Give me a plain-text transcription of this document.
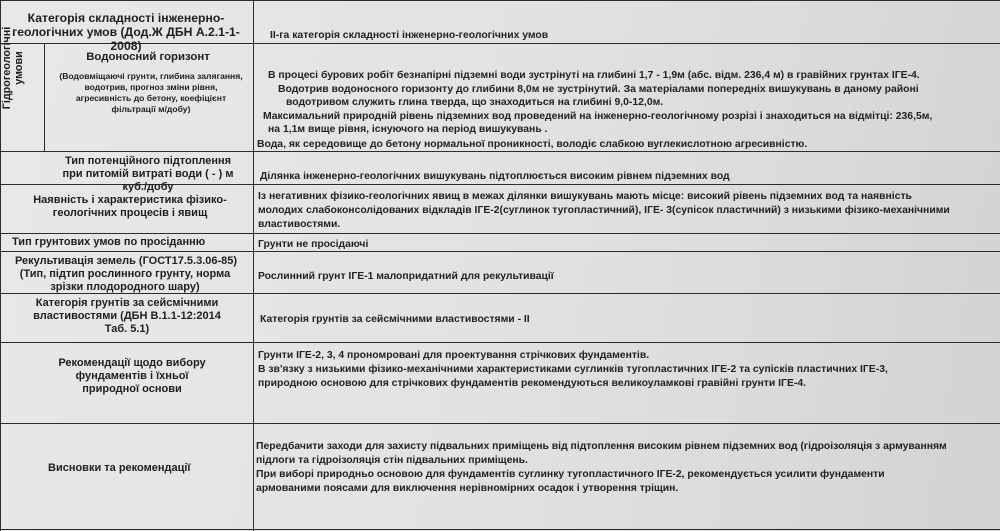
Категорія складності інженерно-геологічних умов (Дод.Ж ДБН А.2.1-1-2008)
II-га категорія складності інженерно-геологічних умов
Гідрогеологічні умови	Водоносний горизонт
(Водовміщаючі грунти, глибина залягання, водотрив, прогноз зміни рівня, агресивність до бетону, коефіцієнт фільтрації м/добу)
В процесі бурових робіт безнапірні підземні води зустрінуті на глибині 1,7 - 1,9м (абс. відм. 236,4 м) в гравійних грунтах ІГЕ-4.
Водотрив водоносного горизонту до глибини 8,0м не зустрінутий. За матеріалами попередніх вишукувань в даному районі
водотривом служить глина тверда, що знаходиться на глибині 9,0-12,0м.
Максимальний природній рівень підземних вод проведений на інженерно-геологічному розрізі і знаходиться на відмітці: 236,5м,
на 1,1м вище рівня, існуючого на період вишукувань .
Вода, як середовище до бетону нормальної проникності, володіє слабкою вуглекислотною агресивністю.
Тип потенційного підтоплення при питомій витраті води ( - ) м куб./добу
Ділянка інженерно-геологічних вишукувань підтоплюється високим рівнем підземних вод
Наявність і характеристика фізико-геологічних процесів і явищ
Із негативних фізико-геологічних явищ в межах ділянки вишукувань мають місце: високий рівень підземних вод та наявність
молодих слабоконсолідованих відкладів ІГЕ-2(суглинок тугопластичний), ІГЕ- 3(супісок пластичний) з низькими фізико-механічними
властивостями.
Тип грунтових умов по просіданню	Грунти не просідаючі
Рекультивація земель (ГОСТ17.5.3.06-85)
(Тип, підтип рослинного грунту, норма зрізки плодородного шару)
Рослинний грунт ІГЕ-1 малопридатний для рекультивації
Категорія грунтів за сейсмічними властивостями (ДБН В.1.1-12:2014 Таб. 5.1)
Категорія грунтів за сейсмічними властивостями - II
Рекомендації щодо вибору фундаментів і їхньої природної основи
Грунти ІГЕ-2, 3, 4 прономровані для проектування стрічкових фундаментів.
В зв'язку з низькими фізико-механічними характеристиками суглинків тугопластичних ІГЕ-2 та супісків пластичних ІГЕ-3,
природною основою для стрічкових фундаментів рекомендуються великоуламкові гравійні грунти ІГЕ-4.
Висновки та рекомендації
Передбачити заходи для захисту підвальних приміщень від підтоплення високим рівнем підземних вод (гідроізоляція з армуванням
підлоги та гідроізоляція стін підвальних приміщень.
При виборі природньо основою для фундаментів суглинку тугопластичного ІГЕ-2, рекомендується усилити фундаменти
армованими поясами для виключення нерівномірних осадок і утворення тріщин.
